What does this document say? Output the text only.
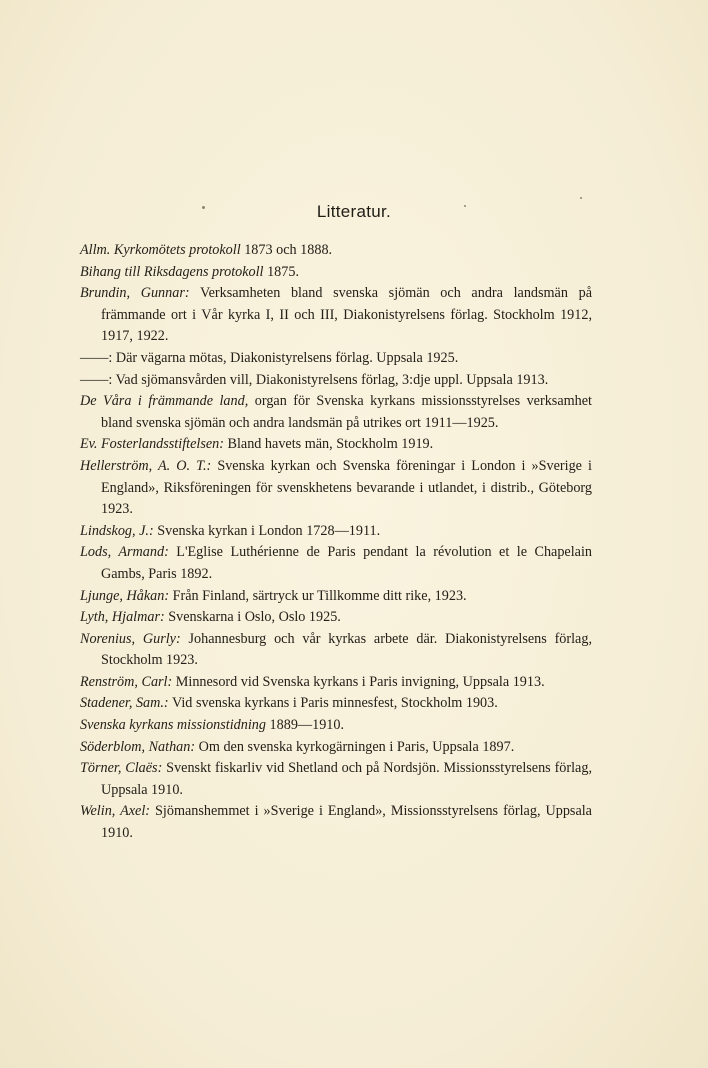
Litteratur.
Allm. Kyrkomötets protokoll 1873 och 1888.
Bihang till Riksdagens protokoll 1875.
Brundin, Gunnar: Verksamheten bland svenska sjömän och andra landsmän på främmande ort i Vår kyrka I, II och III, Diakonistyrelsens förlag. Stockholm 1912, 1917, 1922.
——: Där vägarna mötas, Diakonistyrelsens förlag. Uppsala 1925.
——: Vad sjömansvården vill, Diakonistyrelsens förlag, 3:dje uppl. Uppsala 1913.
De Våra i främmande land, organ för Svenska kyrkans missionsstyrelses verksamhet bland svenska sjömän och andra landsmän på utrikes ort 1911—1925.
Ev. Fosterlandsstiftelsen: Bland havets män, Stockholm 1919.
Hellerström, A. O. T.: Svenska kyrkan och Svenska föreningar i London i »Sverige i England», Riksföreningen för svenskhetens bevarande i utlandet, i distrib., Göteborg 1923.
Lindskog, J.: Svenska kyrkan i London 1728—1911.
Lods, Armand: L'Eglise Luthérienne de Paris pendant la révolution et le Chapelain Gambs, Paris 1892.
Ljunge, Håkan: Från Finland, särtryck ur Tillkomme ditt rike, 1923.
Lyth, Hjalmar: Svenskarna i Oslo, Oslo 1925.
Norenius, Gurly: Johannesburg och vår kyrkas arbete där. Diakonistyrelsens förlag, Stockholm 1923.
Renström, Carl: Minnesord vid Svenska kyrkans i Paris invigning, Uppsala 1913.
Stadener, Sam.: Vid svenska kyrkans i Paris minnesfest, Stockholm 1903.
Svenska kyrkans missionstidning 1889—1910.
Söderblom, Nathan: Om den svenska kyrkogärningen i Paris, Uppsala 1897.
Törner, Claës: Svenskt fiskarliv vid Shetland och på Nordsjön. Missionsstyrelsens förlag, Uppsala 1910.
Welin, Axel: Sjömanshemmet i »Sverige i England», Missionsstyrelsens förlag, Uppsala 1910.
